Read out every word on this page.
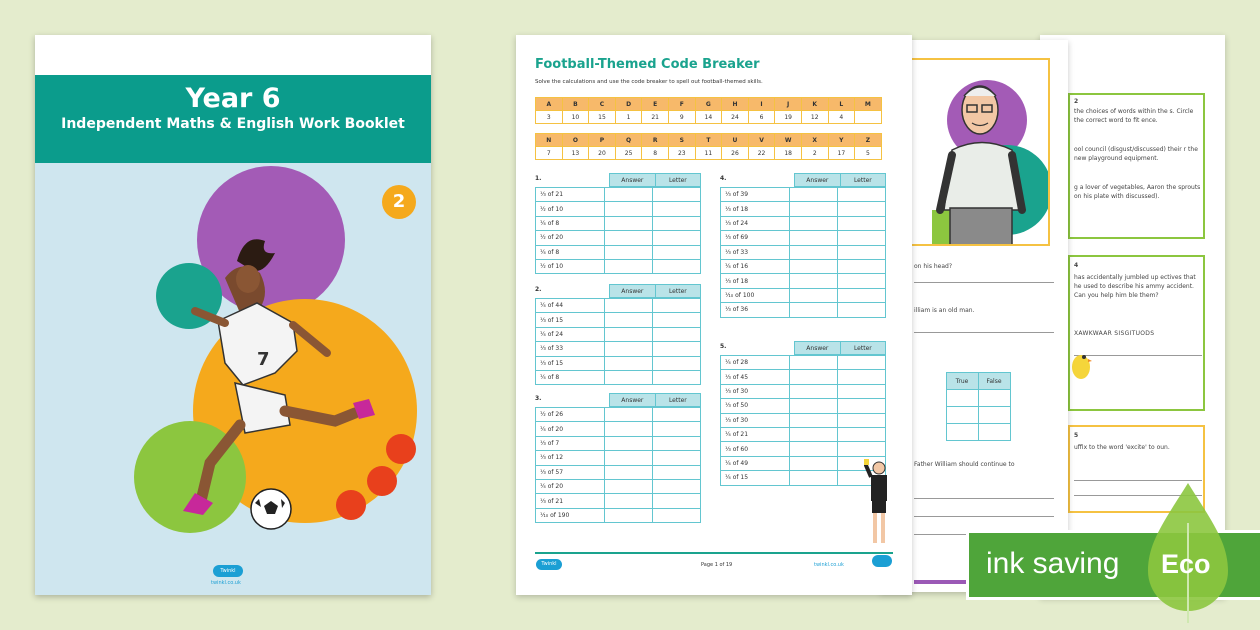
2
the choices of words within the s. Circle the correct word to fit ence.
ool council (disgust/discussed) their r the new playground equipment.
g a lover of vegetables, Aaron the sprouts on his plate with discussed).
4
has accidentally jumbled up ectives that he used to describe his ammy accident. Can you help him ble them?
XAWKWAAR SISGITUODS
5
uffix to the word 'excite' to oun.
on his head?
illiam is an old man.
	True	False

Father William should continue to
Football-Themed Code Breaker
Solve the calculations and use the code breaker to spell out football-themed skills.
A	B	C	D	E	F	G	H	I	J	K	L	M
3	10	15	1	21	9	14	24	6	19	12	4	
N	O	P	Q	R	S	T	U	V	W	X	Y	Z
7	13	20	25	8	23	11	26	22	18	2	17	5
1.	Answer	Letter
⅓ of 21		
½ of 10		
¼ of 8		
½ of 20		
¼ of 8		
½ of 10		
2.	Answer	Letter
¼ of 44		
⅓ of 15		
¼ of 24		
⅓ of 33		
⅓ of 15		
¼ of 8		
3.	Answer	Letter
½ of 26		
¼ of 20		
⅓ of 7		
⅓ of 12		
⅓ of 57		
¼ of 20		
⅓ of 21		
⅒ of 190		
4.	Answer	Letter
⅓ of 39		
⅓ of 18		
⅓ of 24		
⅓ of 69		
⅓ of 33		
¼ of 16		
⅓ of 18		
⅒ of 100		
⅓ of 36		
5.	Answer	Letter
¼ of 28		
⅓ of 45		
⅓ of 30		
⅓ of 50		
⅓ of 30		
¼ of 21		
⅓ of 60		
¼ of 49		
¼ of 15		
Twinkl	Page 1 of 19	twinkl.co.uk
Year 6
Independent Maths & English Work Booklet
2
7
Twinkl
twinkl.co.uk
ink saving Eco
